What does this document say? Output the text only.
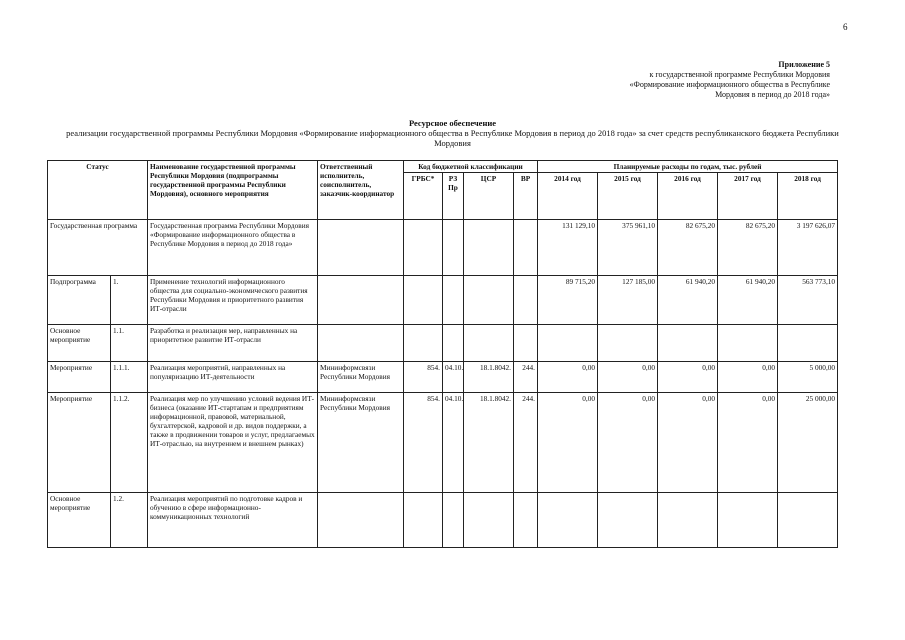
6
Приложение 5
к государственной программе Республики Мордовия
«Формирование информационного общества в Республике
Мордовия в период до 2018 года»
Ресурсное обеспечение
реализации государственной программы Республики Мордовия «Формирование информационного общества в Республике Мордовия в период до 2018 года» за счет средств республиканского бюджета Республики Мордовия
Статус		Наименование государственной программы Республики Мордовия (подпрограммы государственной программы Республики Мордовия), основного мероприятия	Ответственный исполнитель, соисполнитель, заказчик-координатор	Код бюджетной классификации				Планируемые расходы по годам, тыс. рублей				
				ГРБС*	РЗ Пр	ЦСР	ВР	2014 год	2015 год	2016 год	2017 год	2018 год
Государственная программа		Государственная программа Республики Мордовия «Формирование информационного общества в Республике Мордовия в период до 2018 года»						131 129,10	375 961,10	82 675,20	82 675,20	3 197 626,07
Подпрограмма	1.	Применение технологий информационного общества для социально-экономического развития Республики Мордовия и приоритетного развития ИТ-отрасли						89 715,20	127 185,00	61 940,20	61 940,20	563 773,10
Основное мероприятие	1.1.	Разработка и реализация мер, направленных на приоритетное развитие ИТ-отрасли										
Мероприятие	1.1.1.	Реализация мероприятий, направленных на популяризацию ИТ-деятельности	Мининформсвязи Республики Мордовия	854.	04.10.	18.1.8042.	244.	0,00	0,00	0,00	0,00	5 000,00
Мероприятие	1.1.2.	Реализация мер по улучшению условий ведения ИТ-бизнеса (оказание ИТ-стартапам и предприятиям информационной, правовой, материальной, бухгалтерской, кадровой и др. видов поддержки, а также в продвижении товаров и услуг, предлагаемых ИТ-отраслью, на внутреннем и внешнем рынках)	Мининформсвязи Республики Мордовия	854.	04.10.	18.1.8042.	244.	0,00	0,00	0,00	0,00	25 000,00
Основное мероприятие	1.2.	Реализация мероприятий по подготовке кадров и обучению в сфере информационно-коммуникационных технологий										
